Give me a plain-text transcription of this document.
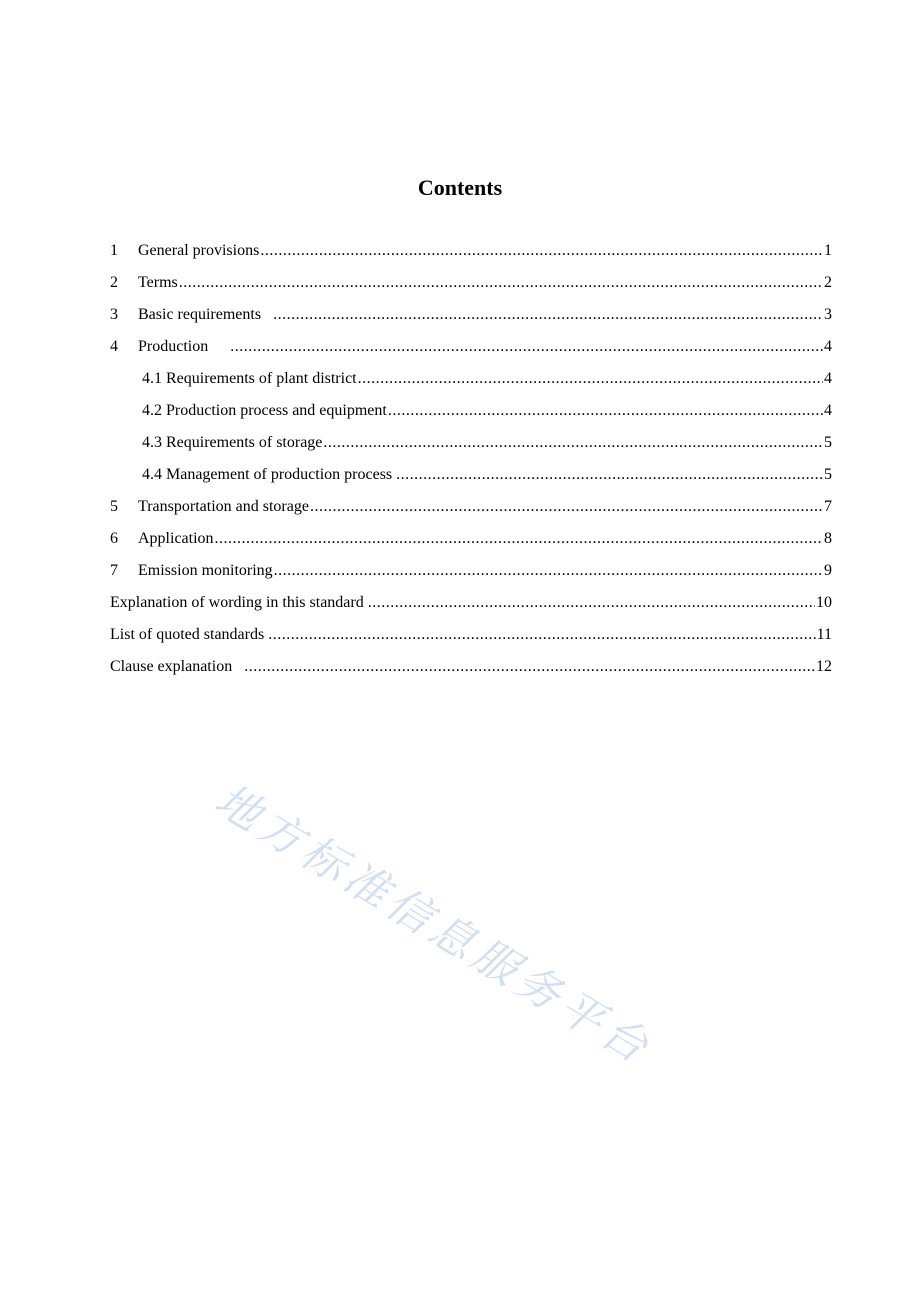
Contents
1	General provisions .....	1
2	Terms .....	2
3	Basic requirements .....	3
4	Production .....	4
4.1 Requirements of plant district .....	4
4.2 Production process and equipment .....	4
4.3 Requirements of storage .....	5
4.4 Management of production process .....	5
5	Transportation and storage .....	7
6	Application .....	8
7	Emission monitoring .....	9
Explanation of wording in this standard .....	10
List of quoted standards .....	11
Clause explanation .....	12
地方标准信息服务平台
